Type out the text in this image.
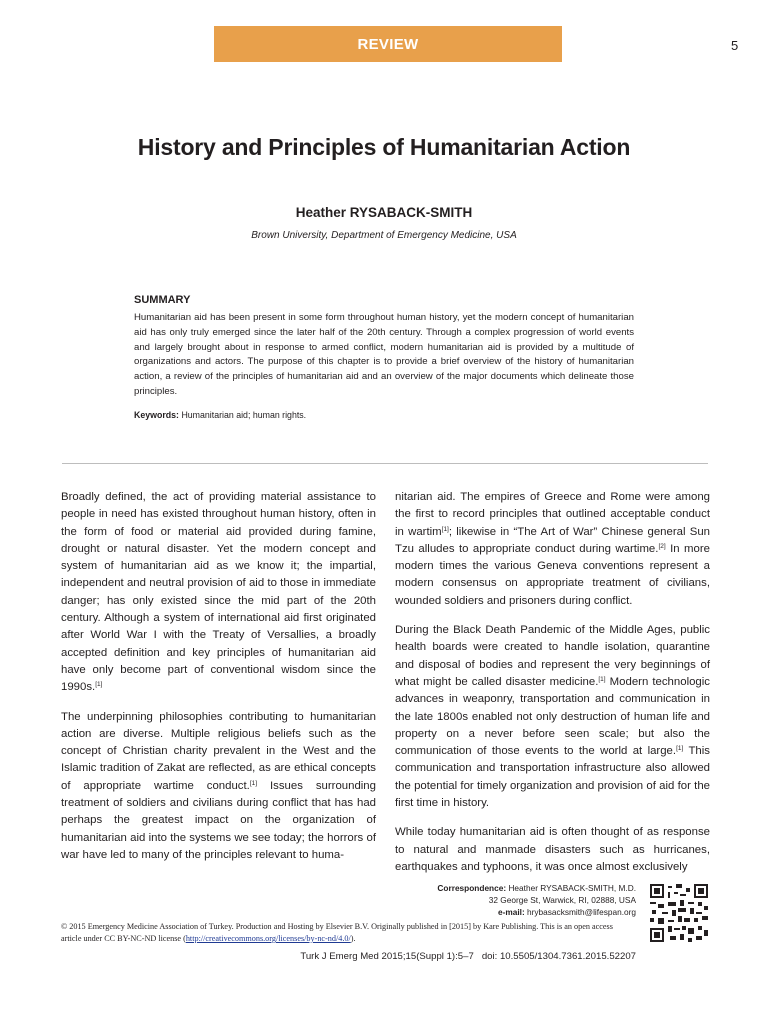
REVIEW	5
History and Principles of Humanitarian Action
Heather RYSABACK-SMITH
Brown University, Department of Emergency Medicine, USA

SUMMARY

Humanitarian aid has been present in some form throughout human history, yet the modern concept of humanitarian aid has only truly emerged since the later half of the 20th century. Through a complex progression of world events and largely brought about in response to armed conflict, modern humanitarian aid is provided by a multitude of organizations and actors. The purpose of this chapter is to provide a brief overview of the history of humanitarian action, a review of the principles of humanitarian aid and an overview of the major documents which delineate those principles.

Keywords: Humanitarian aid; human rights.

Broadly defined, the act of providing material assistance to people in need has existed throughout human history, often in the form of food or material aid provided during famine, drought or natural disaster. Yet the modern concept and system of humanitarian aid as we know it; the impartial, independent and neutral provision of aid to those in immediate danger; has only existed since the mid part of the 20th century. Although a system of international aid first originated after World War I with the Treaty of Versallies, a broadly accepted definition and key principles of humanitarian aid have only become part of conventional wisdom since the 1990s.[1]

The underpinning philosophies contributing to humanitarian action are diverse. Multiple religious beliefs such as the concept of Christian charity prevalent in the West and the Islamic tradition of Zakat are reflected, as are ethical concepts of appropriate wartime conduct.[1] Issues surrounding treatment of soldiers and civilians during conflict that has had perhaps the greatest impact on the organization of humanitarian aid into the systems we see today; the horrors of war have led to many of the principles relevant to huma-

nitarian aid. The empires of Greece and Rome were among the first to record principles that outlined acceptable conduct in wartim[1]; likewise in “The Art of War” Chinese general Sun Tzu alludes to appropriate conduct during wartime.[2] In more modern times the various Geneva conventions represent a modern consensus on appropriate treatment of civilians, wounded soldiers and prisoners during conflict.

During the Black Death Pandemic of the Middle Ages, public health boards were created to handle isolation, quarantine and disposal of bodies and represent the very beginnings of what might be called disaster medicine.[1] Modern technologic advances in weaponry, transportation and communication in the late 1800s enabled not only destruction of human life and property on a never before seen scale; but also the communication of those events to the world at large.[1] This communication and transportation infrastructure also allowed the potential for timely organization and provision of aid for the first time in history.

While today humanitarian aid is often thought of as response to natural and manmade disasters such as hurricanes, earthquakes and typhoons, it was once almost exclusively

Correspondence: Heather RYSABACK-SMITH, M.D.
32 George St, Warwick, RI, 02888, USA
e-mail: hrybasacksmith@lifespan.org
© 2015 Emergency Medicine Association of Turkey. Production and Hosting by Elsevier B.V. Originally published in [2015] by Kare Publishing. This is an open access article under CC BY-NC-ND license (http://creativecommons.org/licenses/by-nc-nd/4.0/).
Turk J Emerg Med 2015;15(Suppl 1):5–7 doi: 10.5505/1304.7361.2015.52207
